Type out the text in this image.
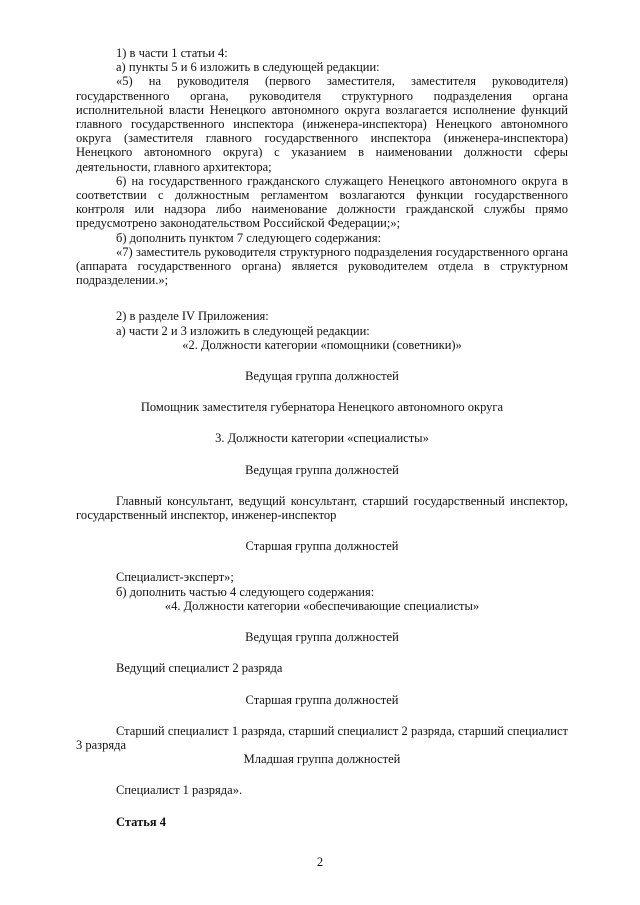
1) в части 1 статьи 4:

а) пункты 5 и 6 изложить в следующей редакции:

«5) на руководителя (первого заместителя, заместителя руководителя) государственного органа, руководителя структурного подразделения органа исполнительной власти Ненецкого автономного округа возлагается исполнение функций главного государственного инспектора (инженера-инспектора) Ненецкого автономного округа (заместителя главного государственного инспектора (инженера-инспектора) Ненецкого автономного округа) с указанием в наименовании должности сферы деятельности, главного архитектора;

6) на государственного гражданского служащего Ненецкого автономного округа в соответствии с должностным регламентом возлагаются функции государственного контроля или надзора либо наименование должности гражданской службы прямо предусмотрено законодательством Российской Федерации;»;

б) дополнить пунктом 7 следующего содержания:

«7) заместитель руководителя структурного подразделения государственного органа (аппарата государственного органа) является руководителем отдела в структурном подразделении.»;

2) в разделе IV Приложения:

а) части 2 и 3 изложить в следующей редакции:

«2. Должности категории «помощники (советники)»

Ведущая группа должностей

Помощник заместителя губернатора Ненецкого автономного округа

3. Должности категории «специалисты»

Ведущая группа должностей

Главный консультант, ведущий консультант, старший государственный инспектор, государственный инспектор, инженер-инспектор

Старшая группа должностей

Специалист-эксперт»;

б) дополнить частью 4 следующего содержания:

«4. Должности категории «обеспечивающие специалисты»

Ведущая группа должностей

Ведущий специалист 2 разряда

Старшая группа должностей

Старший специалист 1 разряда, старший специалист 2 разряда, старший специалист 3 разряда

Младшая группа должностей

Специалист 1 разряда».

Статья 4

2
